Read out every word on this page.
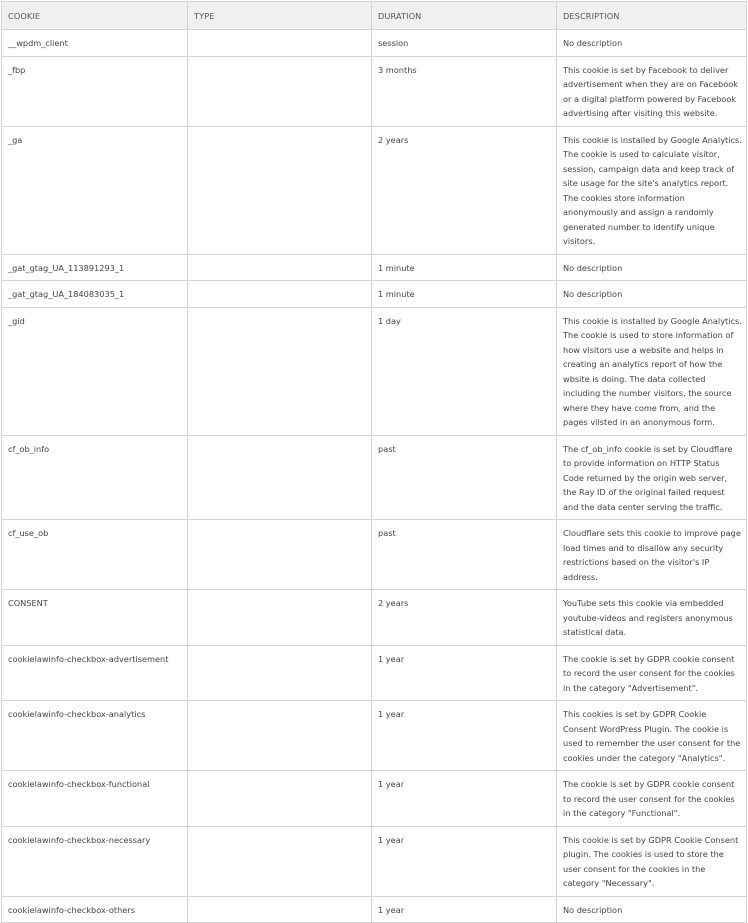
COOKIE	TYPE	DURATION	DESCRIPTION
__wpdm_client		session	No description
_fbp		3 months	This cookie is set by Facebook to deliver advertisement when they are on Facebook or a digital platform powered by Facebook advertising after visiting this website.
_ga		2 years	This cookie is installed by Google Analytics. The cookie is used to calculate visitor, session, campaign data and keep track of site usage for the site's analytics report. The cookies store information anonymously and assign a randomly generated number to identify unique visitors.
_gat_gtag_UA_113891293_1		1 minute	No description
_gat_gtag_UA_184083035_1		1 minute	No description
_gid		1 day	This cookie is installed by Google Analytics. The cookie is used to store information of how visitors use a website and helps in creating an analytics report of how the wbsite is doing. The data collected including the number visitors, the source where they have come from, and the pages viisted in an anonymous form.
cf_ob_info		past	The cf_ob_info cookie is set by Cloudflare to provide information on HTTP Status Code returned by the origin web server, the Ray ID of the original failed request and the data center serving the traffic.
cf_use_ob		past	Cloudflare sets this cookie to improve page load times and to disallow any security restrictions based on the visitor's IP address.
CONSENT		2 years	YouTube sets this cookie via embedded youtube-videos and registers anonymous statistical data.
cookielawinfo-checkbox-advertisement		1 year	The cookie is set by GDPR cookie consent to record the user consent for the cookies in the category "Advertisement".
cookielawinfo-checkbox-analytics		1 year	This cookies is set by GDPR Cookie Consent WordPress Plugin. The cookie is used to remember the user consent for the cookies under the category "Analytics".
cookielawinfo-checkbox-functional		1 year	The cookie is set by GDPR cookie consent to record the user consent for the cookies in the category "Functional".
cookielawinfo-checkbox-necessary		1 year	This cookie is set by GDPR Cookie Consent plugin. The cookies is used to store the user consent for the cookies in the category "Necessary".
cookielawinfo-checkbox-others		1 year	No description
